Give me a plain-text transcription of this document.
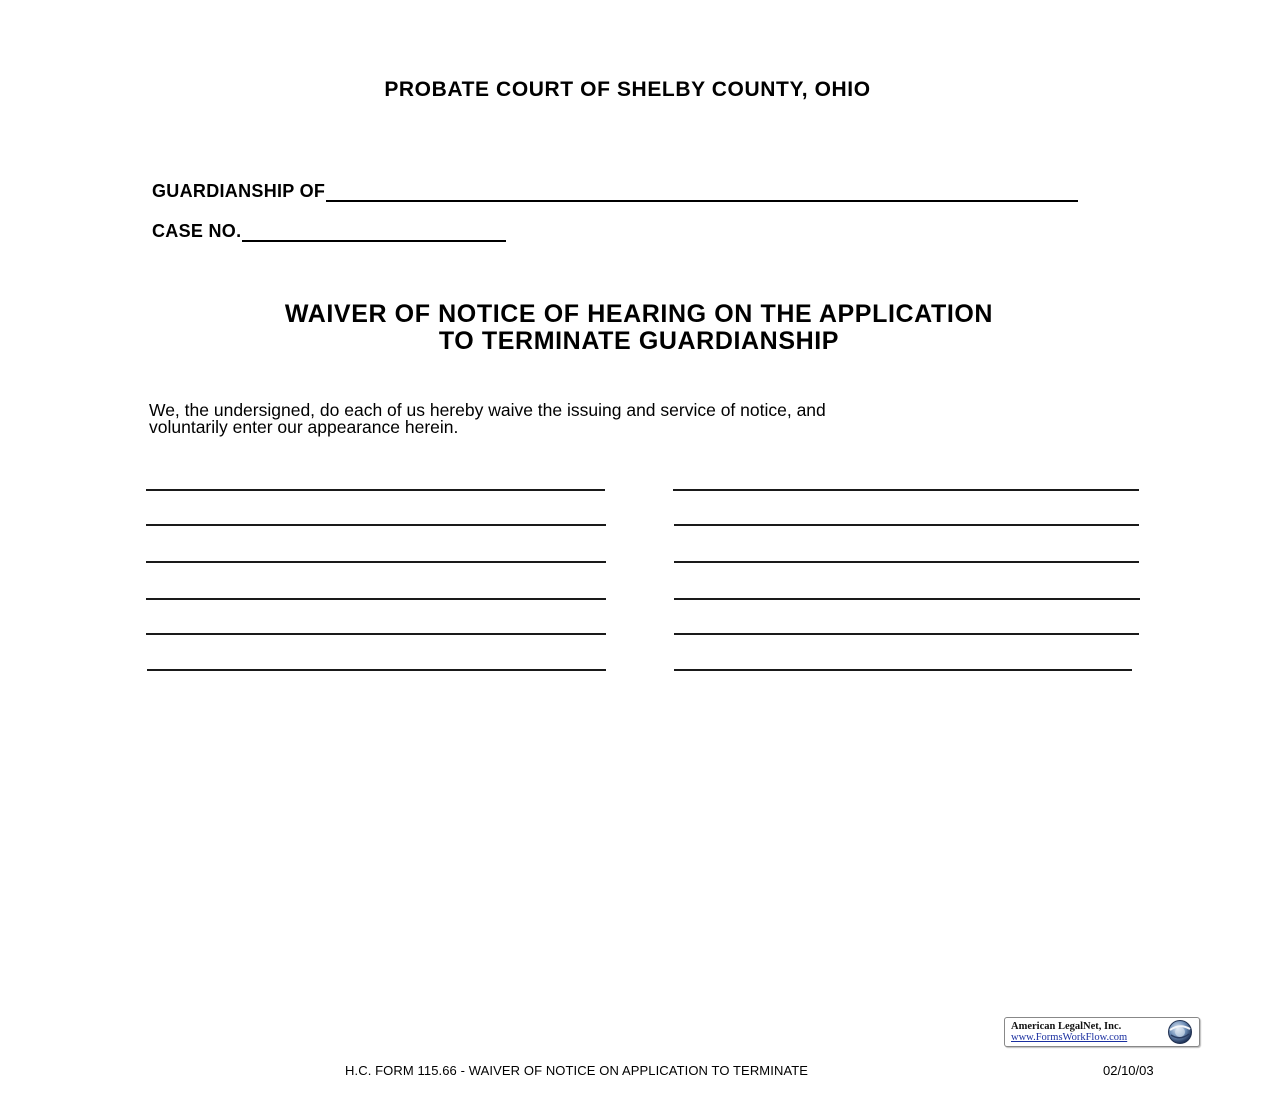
PROBATE COURT OF SHELBY COUNTY, OHIO
GUARDIANSHIP OF
CASE NO.
WAIVER OF NOTICE OF HEARING ON THE APPLICATION
TO TERMINATE GUARDIANSHIP
We, the undersigned, do each of us hereby waive the issuing and service of notice, and
voluntarily enter our appearance herein.
American LegalNet, Inc.
www.FormsWorkFlow.com
H.C. FORM 115.66 - WAIVER OF NOTICE ON APPLICATION TO TERMINATE	02/10/03
